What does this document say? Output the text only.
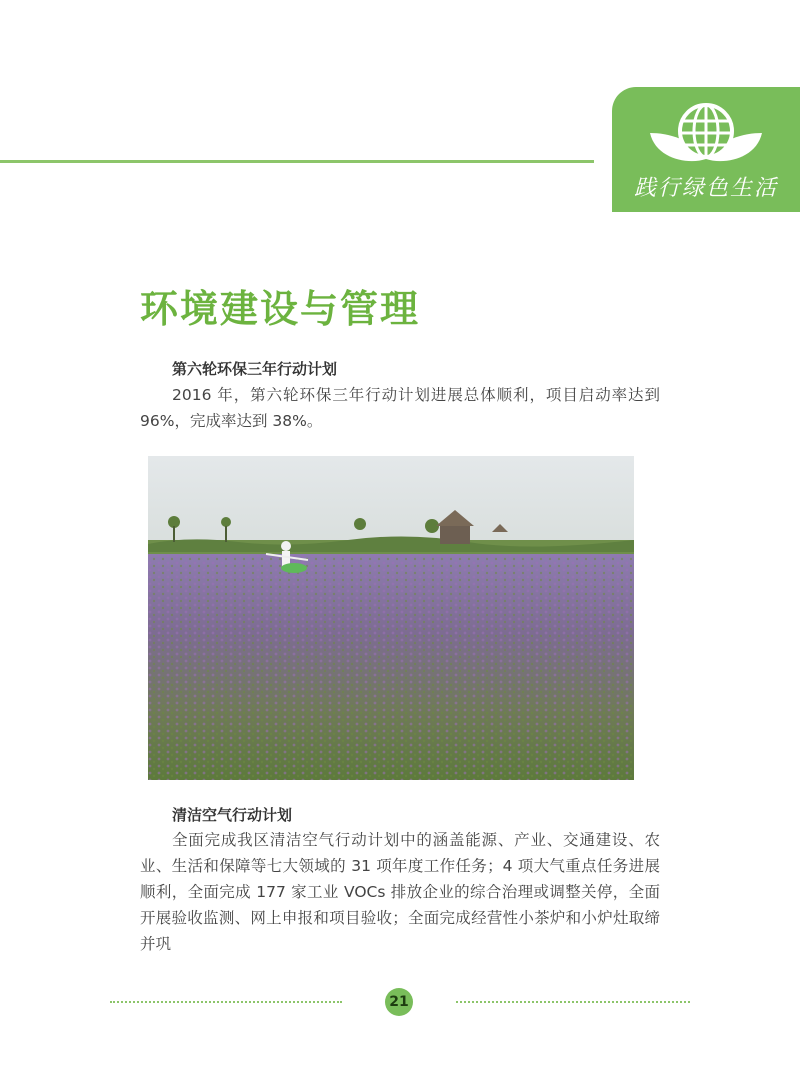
践行绿色生活
环境建设与管理
第六轮环保三年行动计划

2016 年，第六轮环保三年行动计划进展总体顺利，项目启动率达到 96%，完成率达到 38%。

清洁空气行动计划

全面完成我区清洁空气行动计划中的涵盖能源、产业、交通建设、农业、生活和保障等七大领域的 31 项年度工作任务；4 项大气重点任务进展顺利，全面完成 177 家工业 VOCs 排放企业的综合治理或调整关停，全面开展验收监测、网上申报和项目验收；全面完成经营性小茶炉和小炉灶取缔并巩

21
